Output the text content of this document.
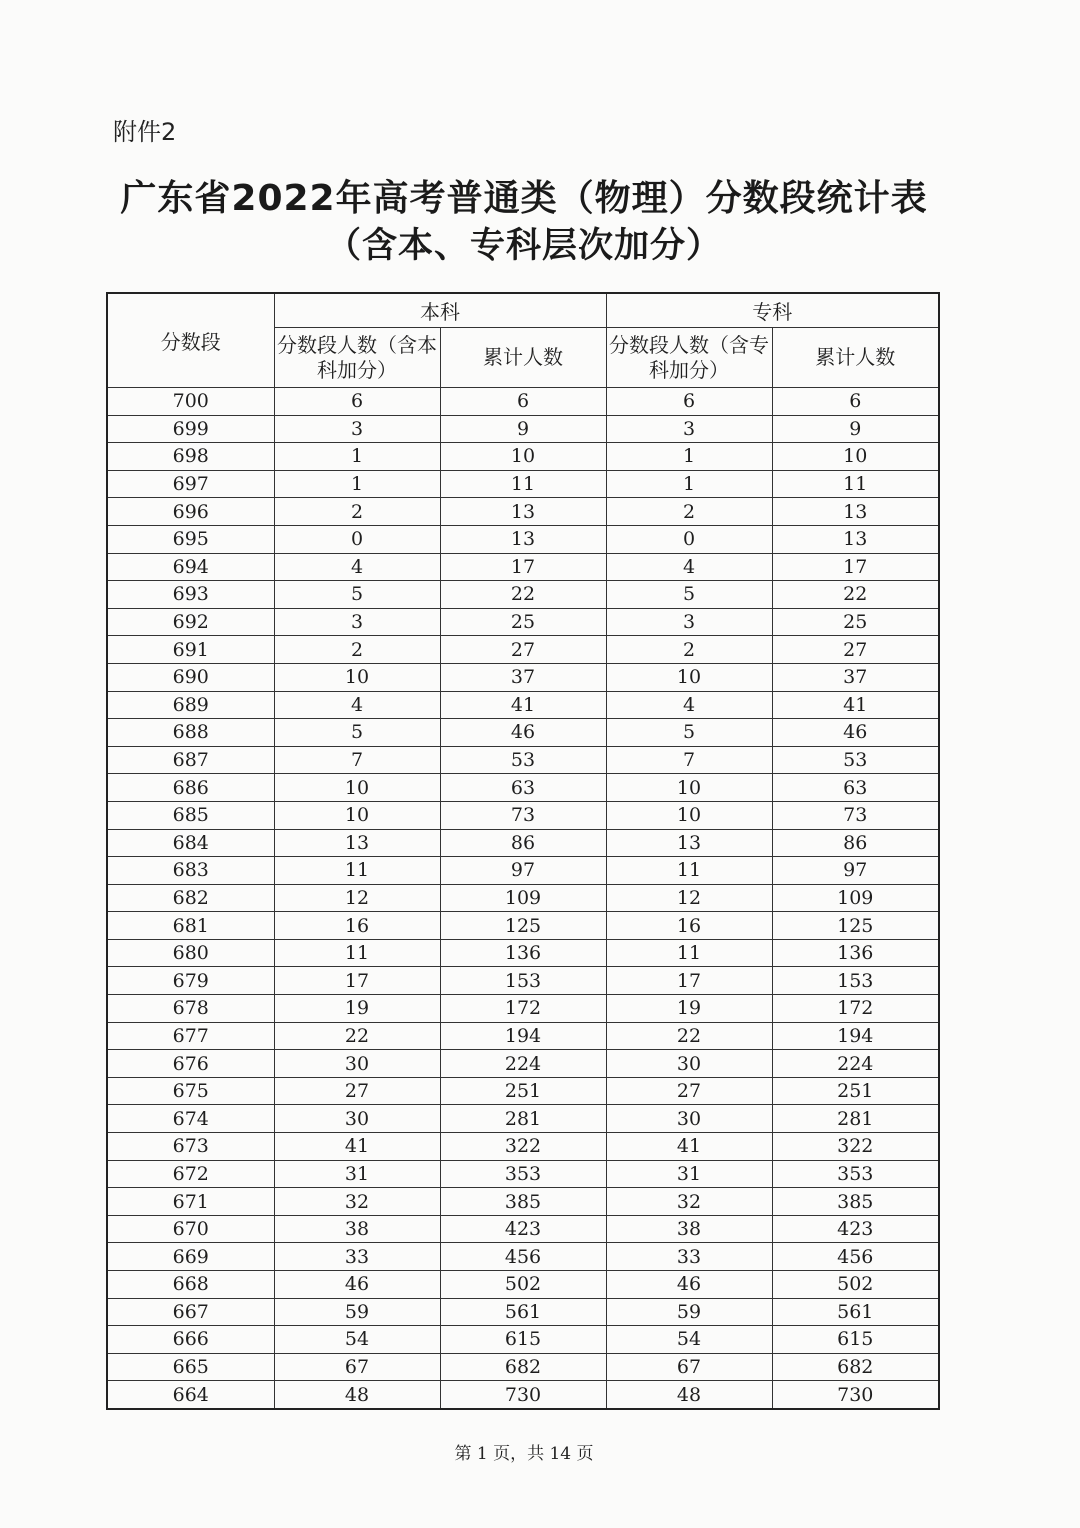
附件2
广东省2022年高考普通类（物理）分数段统计表
（含本、专科层次加分）
分数段	本科		专科	
	分数段人数（含本科加分）	累计人数	分数段人数（含专科加分）	累计人数
700	6	6	6	6
699	3	9	3	9
698	1	10	1	10
697	1	11	1	11
696	2	13	2	13
695	0	13	0	13
694	4	17	4	17
693	5	22	5	22
692	3	25	3	25
691	2	27	2	27
690	10	37	10	37
689	4	41	4	41
688	5	46	5	46
687	7	53	7	53
686	10	63	10	63
685	10	73	10	73
684	13	86	13	86
683	11	97	11	97
682	12	109	12	109
681	16	125	16	125
680	11	136	11	136
679	17	153	17	153
678	19	172	19	172
677	22	194	22	194
676	30	224	30	224
675	27	251	27	251
674	30	281	30	281
673	41	322	41	322
672	31	353	31	353
671	32	385	32	385
670	38	423	38	423
669	33	456	33	456
668	46	502	46	502
667	59	561	59	561
666	54	615	54	615
665	67	682	67	682
664	48	730	48	730
第 1 页，共 14 页
